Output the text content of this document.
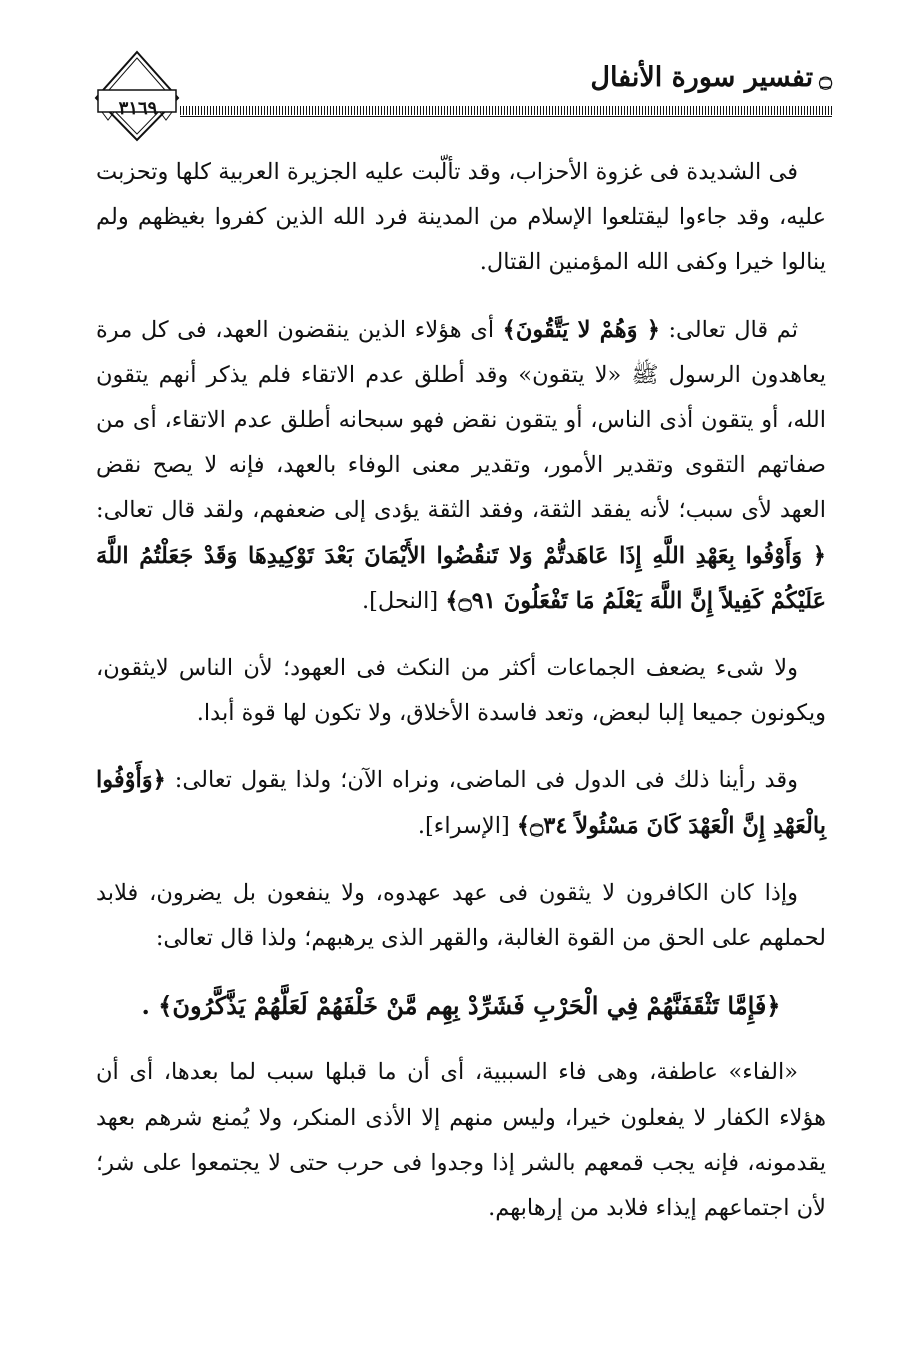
۝تفسير سورة الأنفال
٣١٦٩

فى الشديدة فى غزوة الأحزاب، وقد تألّبت عليه الجزيرة العربية كلها وتحزبت عليه، وقد جاءوا ليقتلعوا الإسلام من المدينة فرد الله الذين كفروا بغيظهم ولم ينالوا خيرا وكفى الله المؤمنين القتال.

ثم قال تعالى: ﴿ وَهُمْ لا يَتَّقُونَ﴾ أى هؤلاء الذين ينقضون العهد، فى كل مرة يعاهدون الرسول ﷺ «لا يتقون» وقد أطلق عدم الاتقاء فلم يذكر أنهم يتقون الله، أو يتقون أذى الناس، أو يتقون نقض فهو سبحانه أطلق عدم الاتقاء، أى من صفاتهم التقوى وتقدير الأمور، وتقدير معنى الوفاء بالعهد، فإنه لا يصح نقض العهد لأى سبب؛ لأنه يفقد الثقة، وفقد الثقة يؤدى إلى ضعفهم، ولقد قال تعالى: ﴿ وَأَوْفُوا بِعَهْدِ اللَّهِ إِذَا عَاهَدتُّمْ وَلا تَنقُضُوا الأَيْمَانَ بَعْدَ تَوْكِيدِهَا وَقَدْ جَعَلْتُمُ اللَّهَ عَلَيْكُمْ كَفِيلاً إِنَّ اللَّهَ يَعْلَمُ مَا تَفْعَلُونَ ۝٩١﴾ [النحل].

ولا شىء يضعف الجماعات أكثر من النكث فى العهود؛ لأن الناس لايثقون، ويكونون جميعا إلبا لبعض، وتعد فاسدة الأخلاق، ولا تكون لها قوة أبدا.

وقد رأينا ذلك فى الدول فى الماضى، ونراه الآن؛ ولذا يقول تعالى: ﴿وَأَوْفُوا بِالْعَهْدِ إِنَّ الْعَهْدَ كَانَ مَسْئُولاً ۝٣٤﴾ [الإسراء].

وإذا كان الكافرون لا يثقون فى عهد عهدوه، ولا ينفعون بل يضرون، فلابد لحملهم على الحق من القوة الغالبة، والقهر الذى يرهبهم؛ ولذا قال تعالى:

﴿فَإِمَّا تَثْقَفَنَّهُمْ فِي الْحَرْبِ فَشَرِّدْ بِهِم مَّنْ خَلْفَهُمْ لَعَلَّهُمْ يَذَّكَّرُونَ﴾ .

«الفاء» عاطفة، وهى فاء السببية، أى أن ما قبلها سبب لما بعدها، أى أن هؤلاء الكفار لا يفعلون خيرا، وليس منهم إلا الأذى المنكر، ولا يُمنع شرهم بعهد يقدمونه، فإنه يجب قمعهم بالشر إذا وجدوا فى حرب حتى لا يجتمعوا على شر؛ لأن اجتماعهم إيذاء فلابد من إرهابهم.
